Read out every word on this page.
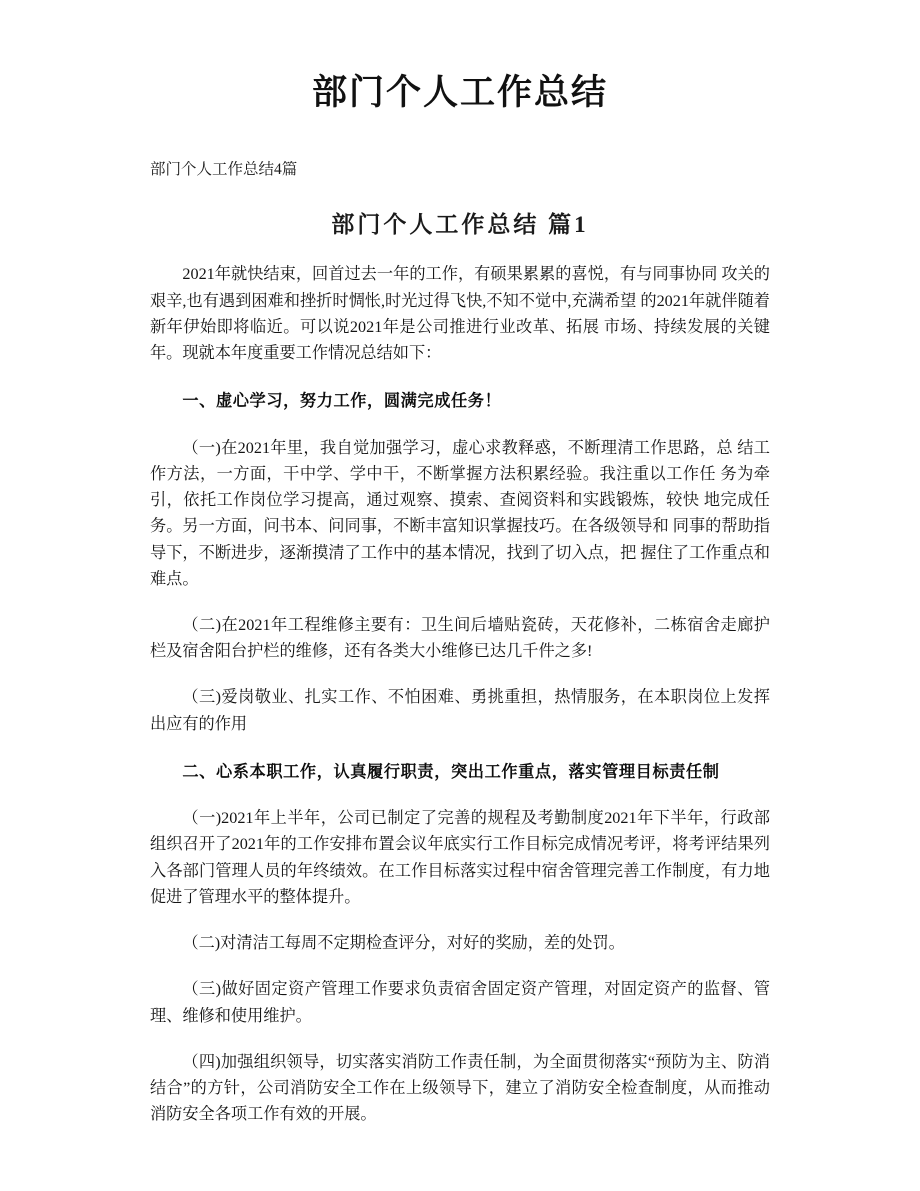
部门个人工作总结

部门个人工作总结4篇

部门个人工作总结 篇1

2021年就快结束，回首过去一年的工作，有硕果累累的喜悦，有与同事协同 攻关的艰辛,也有遇到困难和挫折时惆怅,时光过得飞快,不知不觉中,充满希望 的2021年就伴随着新年伊始即将临近。可以说2021年是公司推进行业改革、拓展 市场、持续发展的关键年。现就本年度重要工作情况总结如下：

一、虚心学习，努力工作，圆满完成任务！

（一)在2021年里，我自觉加强学习，虚心求教释惑，不断理清工作思路，总 结工作方法，一方面，干中学、学中干，不断掌握方法积累经验。我注重以工作任 务为牵引，依托工作岗位学习提高，通过观察、摸索、查阅资料和实践锻炼，较快 地完成任务。另一方面，问书本、问同事，不断丰富知识掌握技巧。在各级领导和 同事的帮助指导下，不断进步，逐渐摸清了工作中的基本情况，找到了切入点，把 握住了工作重点和难点。

（二)在2021年工程维修主要有：卫生间后墙贴瓷砖，天花修补，二栋宿舍走廊护栏及宿舍阳台护栏的维修，还有各类大小维修已达几千件之多!

（三)爱岗敬业、扎实工作、不怕困难、勇挑重担，热情服务，在本职岗位上发挥出应有的作用

二、心系本职工作，认真履行职责，突出工作重点，落实管理目标责任制

（一)2021年上半年，公司已制定了完善的规程及考勤制度2021年下半年，行政部组织召开了2021年的工作安排布置会议年底实行工作目标完成情况考评，将考评结果列入各部门管理人员的年终绩效。在工作目标落实过程中宿舍管理完善工作制度，有力地促进了管理水平的整体提升。

（二)对清洁工每周不定期检查评分，对好的奖励，差的处罚。

（三)做好固定资产管理工作要求负责宿舍固定资产管理，对固定资产的监督、管理、维修和使用维护。

（四)加强组织领导，切实落实消防工作责任制，为全面贯彻落实“预防为主、防消结合”的方针，公司消防安全工作在上级领导下，建立了消防安全检查制度，从而推动消防安全各项工作有效的开展。
